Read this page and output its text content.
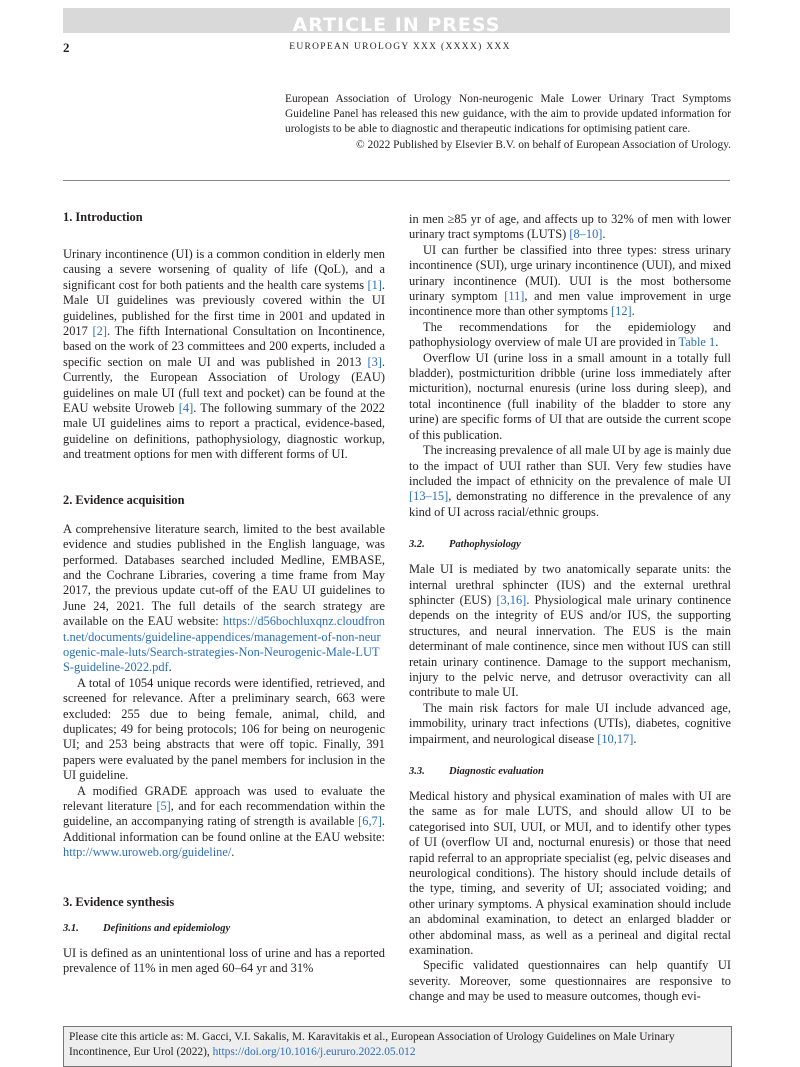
ARTICLE IN PRESS
2	EUROPEAN UROLOGY XXX (XXXX) XXX

European Association of Urology Non-neurogenic Male Lower Urinary Tract Symptoms Guideline Panel has released this new guidance, with the aim to provide updated information for urologists to be able to diagnostic and therapeutic indications for optimising patient care.

© 2022 Published by Elsevier B.V. on behalf of European Association of Urology.

1. Introduction

Urinary incontinence (UI) is a common condition in elderly men causing a severe worsening of quality of life (QoL), and a significant cost for both patients and the health care systems [1]. Male UI guidelines was previously covered within the UI guidelines, published for the first time in 2001 and updated in 2017 [2]. The fifth International Consultation on Incontinence, based on the work of 23 committees and 200 experts, included a specific section on male UI and was published in 2013 [3]. Currently, the European Association of Urology (EAU) guidelines on male UI (full text and pocket) can be found at the EAU website Uroweb [4]. The following summary of the 2022 male UI guidelines aims to report a practical, evidence-based, guideline on definitions, pathophysiology, diagnostic workup, and treatment options for men with different forms of UI.

2. Evidence acquisition

A comprehensive literature search, limited to the best available evidence and studies published in the English language, was performed. Databases searched included Medline, EMBASE, and the Cochrane Libraries, covering a time frame from May 2017, the previous update cut-off of the EAU UI guidelines to June 24, 2021. The full details of the search strategy are available on the EAU website: https://d56bochluxqnz.cloudfront.net/documents/guideline-appendices/management-of-non-neurogenic-male-luts/Search-strategies-Non-Neurogenic-Male-LUTS-guideline-2022.pdf.

A total of 1054 unique records were identified, retrieved, and screened for relevance. After a preliminary search, 663 were excluded: 255 due to being female, animal, child, and duplicates; 49 for being protocols; 106 for being on neurogenic UI; and 253 being abstracts that were off topic. Finally, 391 papers were evaluated by the panel members for inclusion in the UI guideline.

A modified GRADE approach was used to evaluate the relevant literature [5], and for each recommendation within the guideline, an accompanying rating of strength is available [6,7]. Additional information can be found online at the EAU website: http://www.uroweb.org/guideline/.

3. Evidence synthesis
3.1. Definitions and epidemiology

UI is defined as an unintentional loss of urine and has a reported prevalence of 11% in men aged 60–64 yr and 31%

in men ≥85 yr of age, and affects up to 32% of men with lower urinary tract symptoms (LUTS) [8–10].

UI can further be classified into three types: stress urinary incontinence (SUI), urge urinary incontinence (UUI), and mixed urinary incontinence (MUI). UUI is the most bothersome urinary symptom [11], and men value improvement in urge incontinence more than other symptoms [12].

The recommendations for the epidemiology and pathophysiology overview of male UI are provided in Table 1.

Overflow UI (urine loss in a small amount in a totally full bladder), postmicturition dribble (urine loss immediately after micturition), nocturnal enuresis (urine loss during sleep), and total incontinence (full inability of the bladder to store any urine) are specific forms of UI that are outside the current scope of this publication.

The increasing prevalence of all male UI by age is mainly due to the impact of UUI rather than SUI. Very few studies have included the impact of ethnicity on the prevalence of male UI [13–15], demonstrating no difference in the prevalence of any kind of UI across racial/ethnic groups.

3.2. Pathophysiology

Male UI is mediated by two anatomically separate units: the internal urethral sphincter (IUS) and the external urethral sphincter (EUS) [3,16]. Physiological male urinary continence depends on the integrity of EUS and/or IUS, the supporting structures, and neural innervation. The EUS is the main determinant of male continence, since men without IUS can still retain urinary continence. Damage to the support mechanism, injury to the pelvic nerve, and detrusor overactivity can all contribute to male UI.

The main risk factors for male UI include advanced age, immobility, urinary tract infections (UTIs), diabetes, cognitive impairment, and neurological disease [10,17].

3.3. Diagnostic evaluation

Medical history and physical examination of males with UI are the same as for male LUTS, and should allow UI to be categorised into SUI, UUI, or MUI, and to identify other types of UI (overflow UI and, nocturnal enuresis) or those that need rapid referral to an appropriate specialist (eg, pelvic diseases and neurological conditions). The history should include details of the type, timing, and severity of UI; associated voiding; and other urinary symptoms. A physical examination should include an abdominal examination, to detect an enlarged bladder or other abdominal mass, as well as a perineal and digital rectal examination.

Specific validated questionnaires can help quantify UI severity. Moreover, some questionnaires are responsive to change and may be used to measure outcomes, though evi-

Please cite this article as: M. Gacci, V.I. Sakalis, M. Karavitakis et al., European Association of Urology Guidelines on Male Urinary Incontinence, Eur Urol (2022), https://doi.org/10.1016/j.eururo.2022.05.012
